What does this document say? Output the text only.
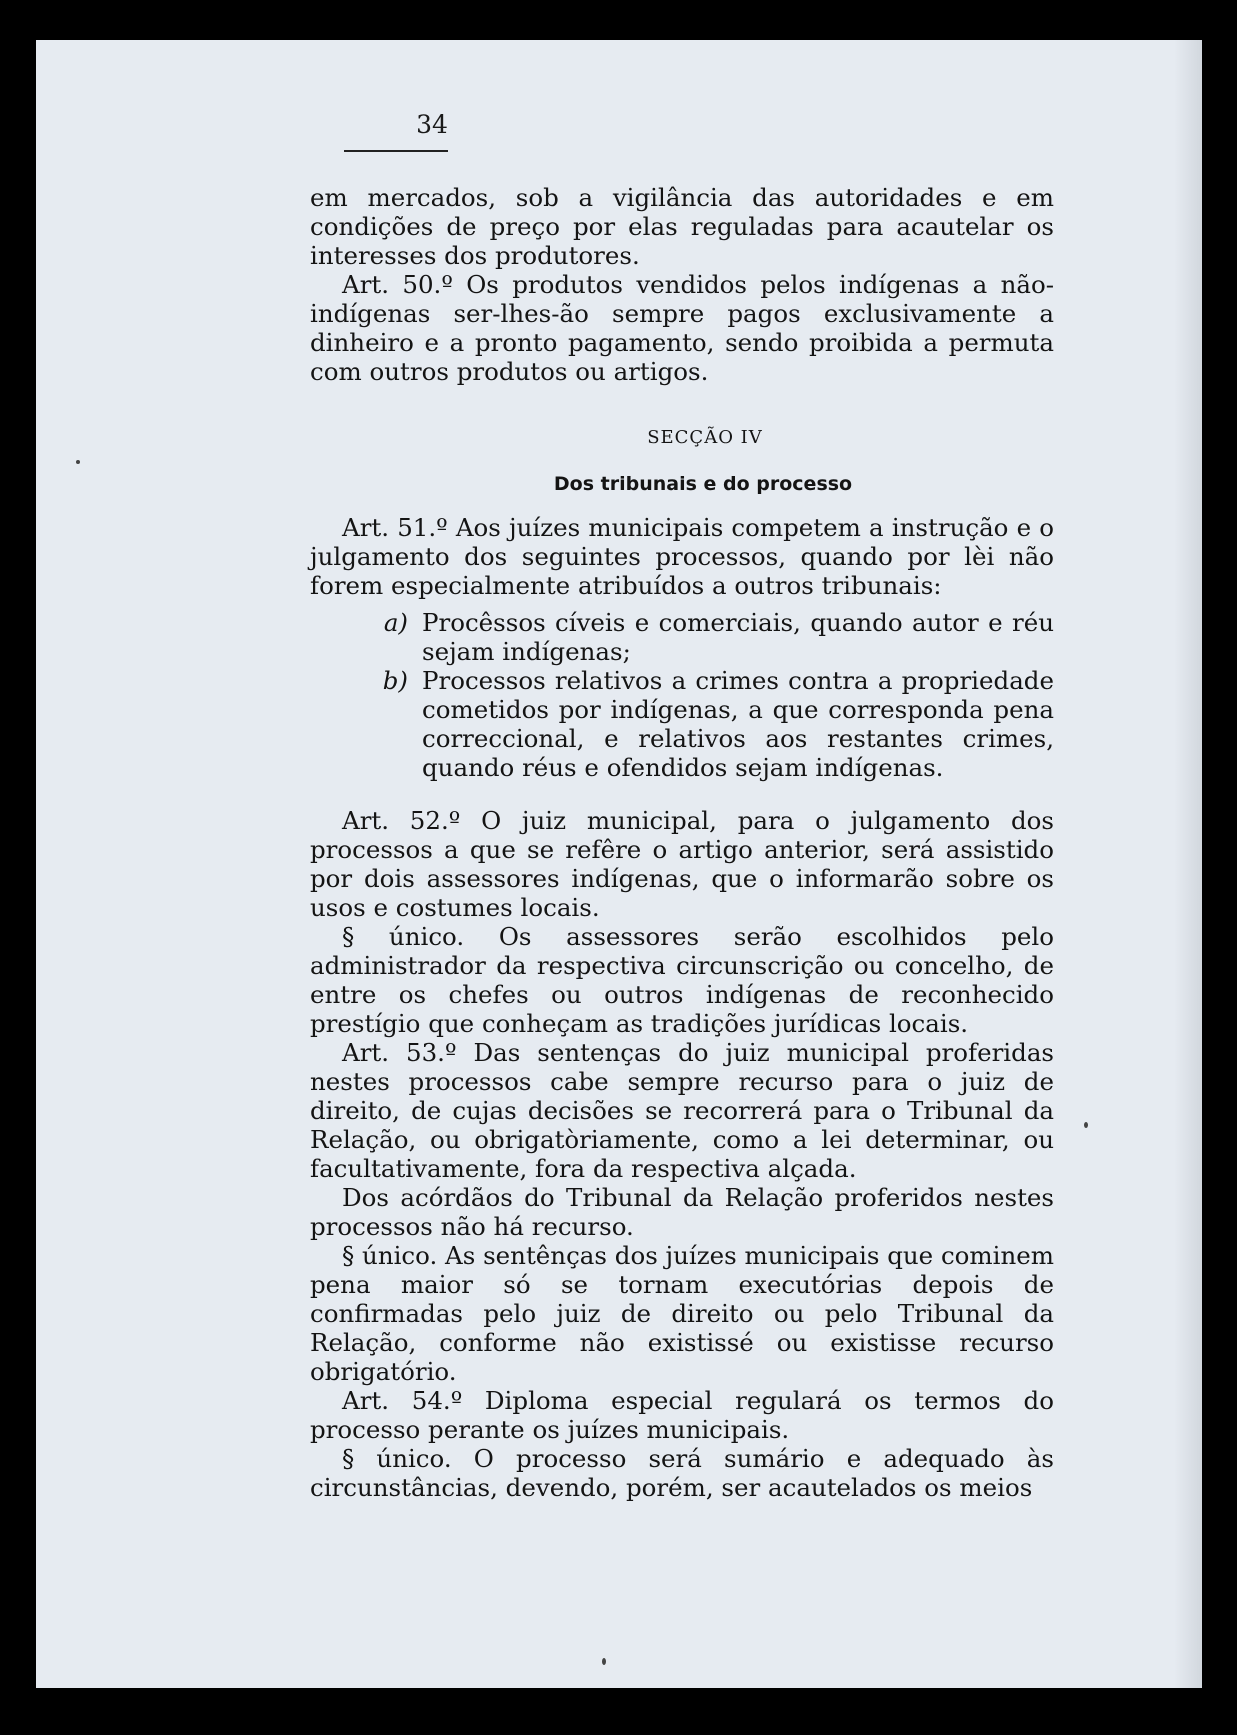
34

em mercados, sob a vigilância das autoridades e em condições de preço por elas reguladas para acautelar os interesses dos produtores.

Art. 50.º Os produtos vendidos pelos indígenas a não-indígenas ser-lhes-ão sempre pagos exclusivamente a dinheiro e a pronto pagamento, sendo proibida a permuta com outros produtos ou artigos.

SECÇÃO IV
Dos tribunais e do processo

Art. 51.º Aos juízes municipais competem a instrução e o julgamento dos seguintes processos, quando por lèi não forem especialmente atribuídos a outros tribunais:

a) Procêssos cíveis e comerciais, quando autor e réu sejam indígenas;
b) Processos relativos a crimes contra a propriedade cometidos por indígenas, a que corresponda pena correccional, e relativos aos restantes crimes, quando réus e ofendidos sejam indígenas.

Art. 52.º O juiz municipal, para o julgamento dos processos a que se refêre o artigo anterior, será assistido por dois assessores indígenas, que o informarão sobre os usos e costumes locais.

§ único. Os assessores serão escolhidos pelo administrador da respectiva circunscrição ou concelho, de entre os chefes ou outros indígenas de reconhecido prestígio que conheçam as tradições jurídicas locais.

Art. 53.º Das sentenças do juiz municipal proferidas nestes processos cabe sempre recurso para o juiz de direito, de cujas decisões se recorrerá para o Tribunal da Relação, ou obrigatòriamente, como a lei determinar, ou facultativamente, fora da respectiva alçada.

Dos acórdãos do Tribunal da Relação proferidos nestes processos não há recurso.

§ único. As sentênças dos juízes municipais que cominem pena maior só se tornam executórias depois de confirmadas pelo juiz de direito ou pelo Tribunal da Relação, conforme não existissé ou existisse recurso obrigatório.

Art. 54.º Diploma especial regulará os termos do processo perante os juízes municipais.

§ único. O processo será sumário e adequado às circunstâncias, devendo, porém, ser acautelados os meios
